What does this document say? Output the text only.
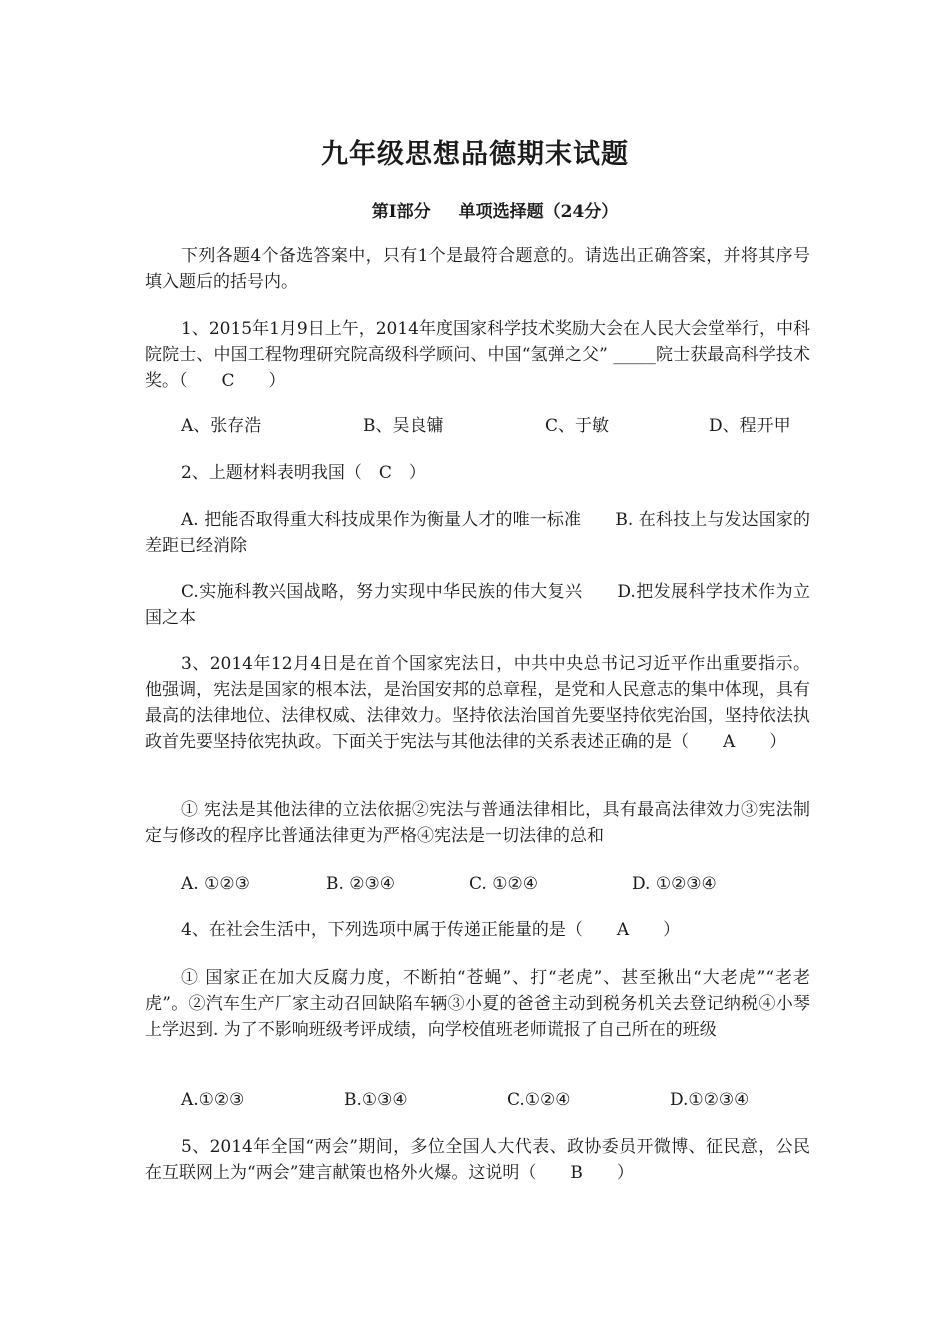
九年级思想品德期末试题
第Ⅰ部分 单项选择题（24分）
下列各题4个备选答案中，只有1个是最符合题意的。请选出正确答案，并将其序号填入题后的括号内。
1、2015年1月9日上午，2014年度国家科学技术奖励大会在人民大会堂举行，中科院院士、中国工程物理研究院高级科学顾问、中国“氢弹之父” _____院士获最高科学技术奖。（　　C　　）
A、张存浩	B、吴良镛	C、于敏	D、程开甲
2、上题材料表明我国（　C　）
A. 把能否取得重大科技成果作为衡量人才的唯一标准　　B. 在科技上与发达国家的差距已经消除
C.实施科教兴国战略，努力实现中华民族的伟大复兴　　D.把发展科学技术作为立国之本
3、2014年12月4日是在首个国家宪法日，中共中央总书记习近平作出重要指示。他强调，宪法是国家的根本法，是治国安邦的总章程，是党和人民意志的集中体现，具有最高的法律地位、法律权威、法律效力。坚持依法治国首先要坚持依宪治国，坚持依法执政首先要坚持依宪执政。下面关于宪法与其他法律的关系表述正确的是（　　A　　）
① 宪法是其他法律的立法依据②宪法与普通法律相比，具有最高法律效力③宪法制定与修改的程序比普通法律更为严格④宪法是一切法律的总和
A. ①②③	B. ②③④	C. ①②④	D. ①②③④
4、在社会生活中，下列选项中属于传递正能量的是（　　A　　）
① 国家正在加大反腐力度，不断拍“苍蝇”、打“老虎”、甚至揪出“大老虎”“老老虎”。②汽车生产厂家主动召回缺陷车辆③小夏的爸爸主动到税务机关去登记纳税④小琴上学迟到. 为了不影响班级考评成绩，向学校值班老师谎报了自己所在的班级
A.①②③	B.①③④	C.①②④	D.①②③④
5、2014年全国“两会”期间，多位全国人大代表、政协委员开微博、征民意，公民在互联网上为“两会”建言献策也格外火爆。这说明（　　B　　）
